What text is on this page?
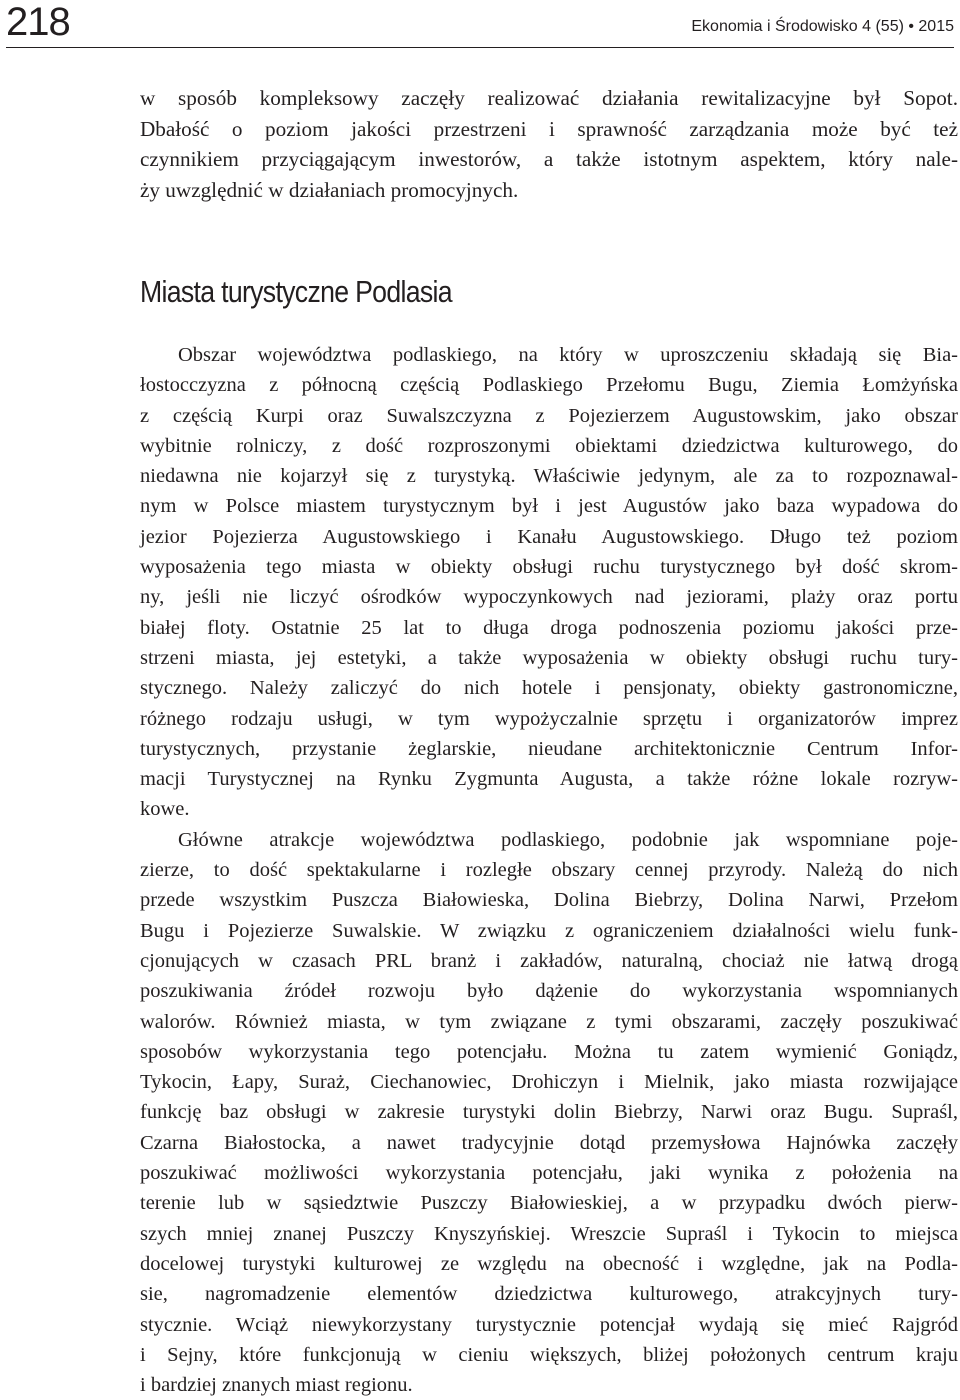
218	Ekonomia i Środowisko 4 (55) • 2015
w sposób kompleksowy zaczęły realizować działania rewitalizacyjne był Sopot.
Dbałość o poziom jakości przestrzeni i sprawność zarządzania może być też
czynnikiem przyciągającym inwestorów, a także istotnym aspektem, który nale-
ży uwzględnić w działaniach promocyjnych.
Miasta turystyczne Podlasia
Obszar województwa podlaskiego, na który w uproszczeniu składają się Bia-
łostocczyzna z północną częścią Podlaskiego Przełomu Bugu, Ziemia Łomżyńska
z częścią Kurpi oraz Suwalszczyzna z Pojezierzem Augustowskim, jako obszar
wybitnie rolniczy, z dość rozproszonymi obiektami dziedzictwa kulturowego, do
niedawna nie kojarzył się z turystyką. Właściwie jedynym, ale za to rozpoznawal-
nym w Polsce miastem turystycznym był i jest Augustów jako baza wypadowa do
jezior Pojezierza Augustowskiego i Kanału Augustowskiego. Długo też poziom
wyposażenia tego miasta w obiekty obsługi ruchu turystycznego był dość skrom-
ny, jeśli nie liczyć ośrodków wypoczynkowych nad jeziorami, plaży oraz portu
białej floty. Ostatnie 25 lat to długa droga podnoszenia poziomu jakości prze-
strzeni miasta, jej estetyki, a także wyposażenia w obiekty obsługi ruchu tury-
stycznego. Należy zaliczyć do nich hotele i pensjonaty, obiekty gastronomiczne,
różnego rodzaju usługi, w tym wypożyczalnie sprzętu i organizatorów imprez
turystycznych, przystanie żeglarskie, nieudane architektonicznie Centrum Infor-
macji Turystycznej na Rynku Zygmunta Augusta, a także różne lokale rozryw-
kowe.
Główne atrakcje województwa podlaskiego, podobnie jak wspomniane poje-
zierze, to dość spektakularne i rozległe obszary cennej przyrody. Należą do nich
przede wszystkim Puszcza Białowieska, Dolina Biebrzy, Dolina Narwi, Przełom
Bugu i Pojezierze Suwalskie. W związku z ograniczeniem działalności wielu funk-
cjonujących w czasach PRL branż i zakładów, naturalną, chociaż nie łatwą drogą
poszukiwania źródeł rozwoju było dążenie do wykorzystania wspomnianych
walorów. Również miasta, w tym związane z tymi obszarami, zaczęły poszukiwać
sposobów wykorzystania tego potencjału. Można tu zatem wymienić Goniądz,
Tykocin, Łapy, Suraż, Ciechanowiec, Drohiczyn i Mielnik, jako miasta rozwijające
funkcję baz obsługi w zakresie turystyki dolin Biebrzy, Narwi oraz Bugu. Supraśl,
Czarna Białostocka, a nawet tradycyjnie dotąd przemysłowa Hajnówka zaczęły
poszukiwać możliwości wykorzystania potencjału, jaki wynika z położenia na
terenie lub w sąsiedztwie Puszczy Białowieskiej, a w przypadku dwóch pierw-
szych mniej znanej Puszczy Knyszyńskiej. Wreszcie Supraśl i Tykocin to miejsca
docelowej turystyki kulturowej ze względu na obecność i względne, jak na Podla-
sie, nagromadzenie elementów dziedzictwa kulturowego, atrakcyjnych tury-
stycznie. Wciąż niewykorzystany turystycznie potencjał wydają się mieć Rajgród
i Sejny, które funkcjonują w cieniu większych, bliżej położonych centrum kraju
i bardziej znanych miast regionu.
